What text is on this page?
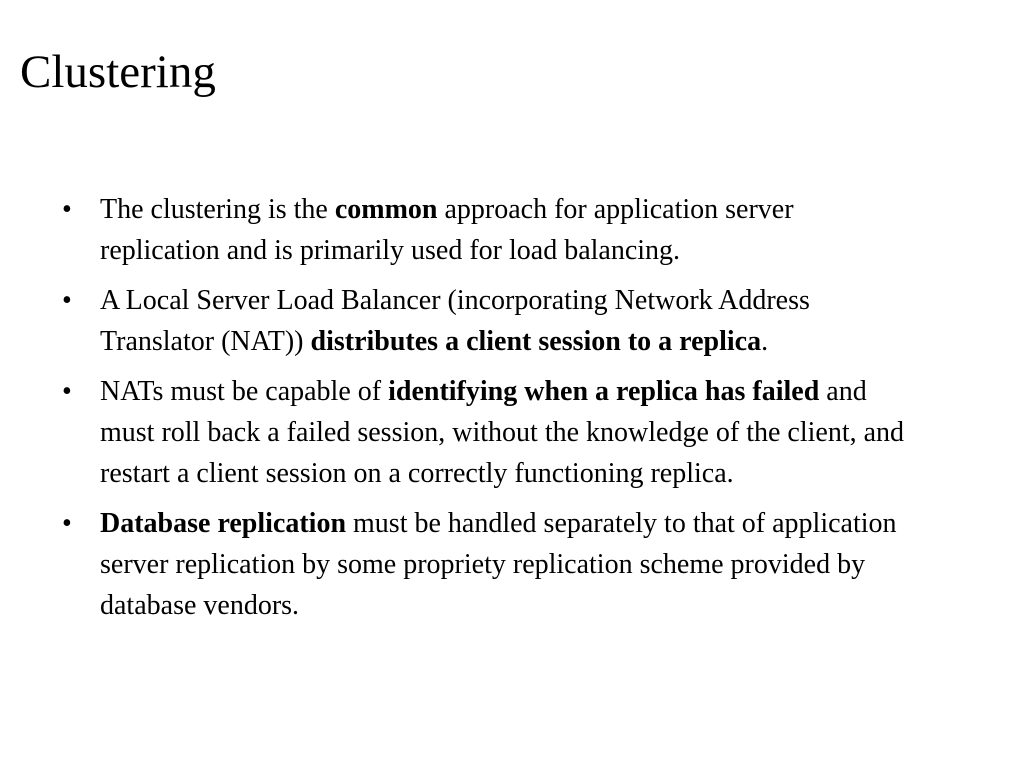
Clustering
• The clustering is the common approach for application server replication and is primarily used for load balancing.
• A Local Server Load Balancer (incorporating Network Address Translator (NAT)) distributes a client session to a replica.
• NATs must be capable of identifying when a replica has failed and must roll back a failed session, without the knowledge of the client, and restart a client session on a correctly functioning replica.
• Database replication must be handled separately to that of application server replication by some propriety replication scheme provided by database vendors.
